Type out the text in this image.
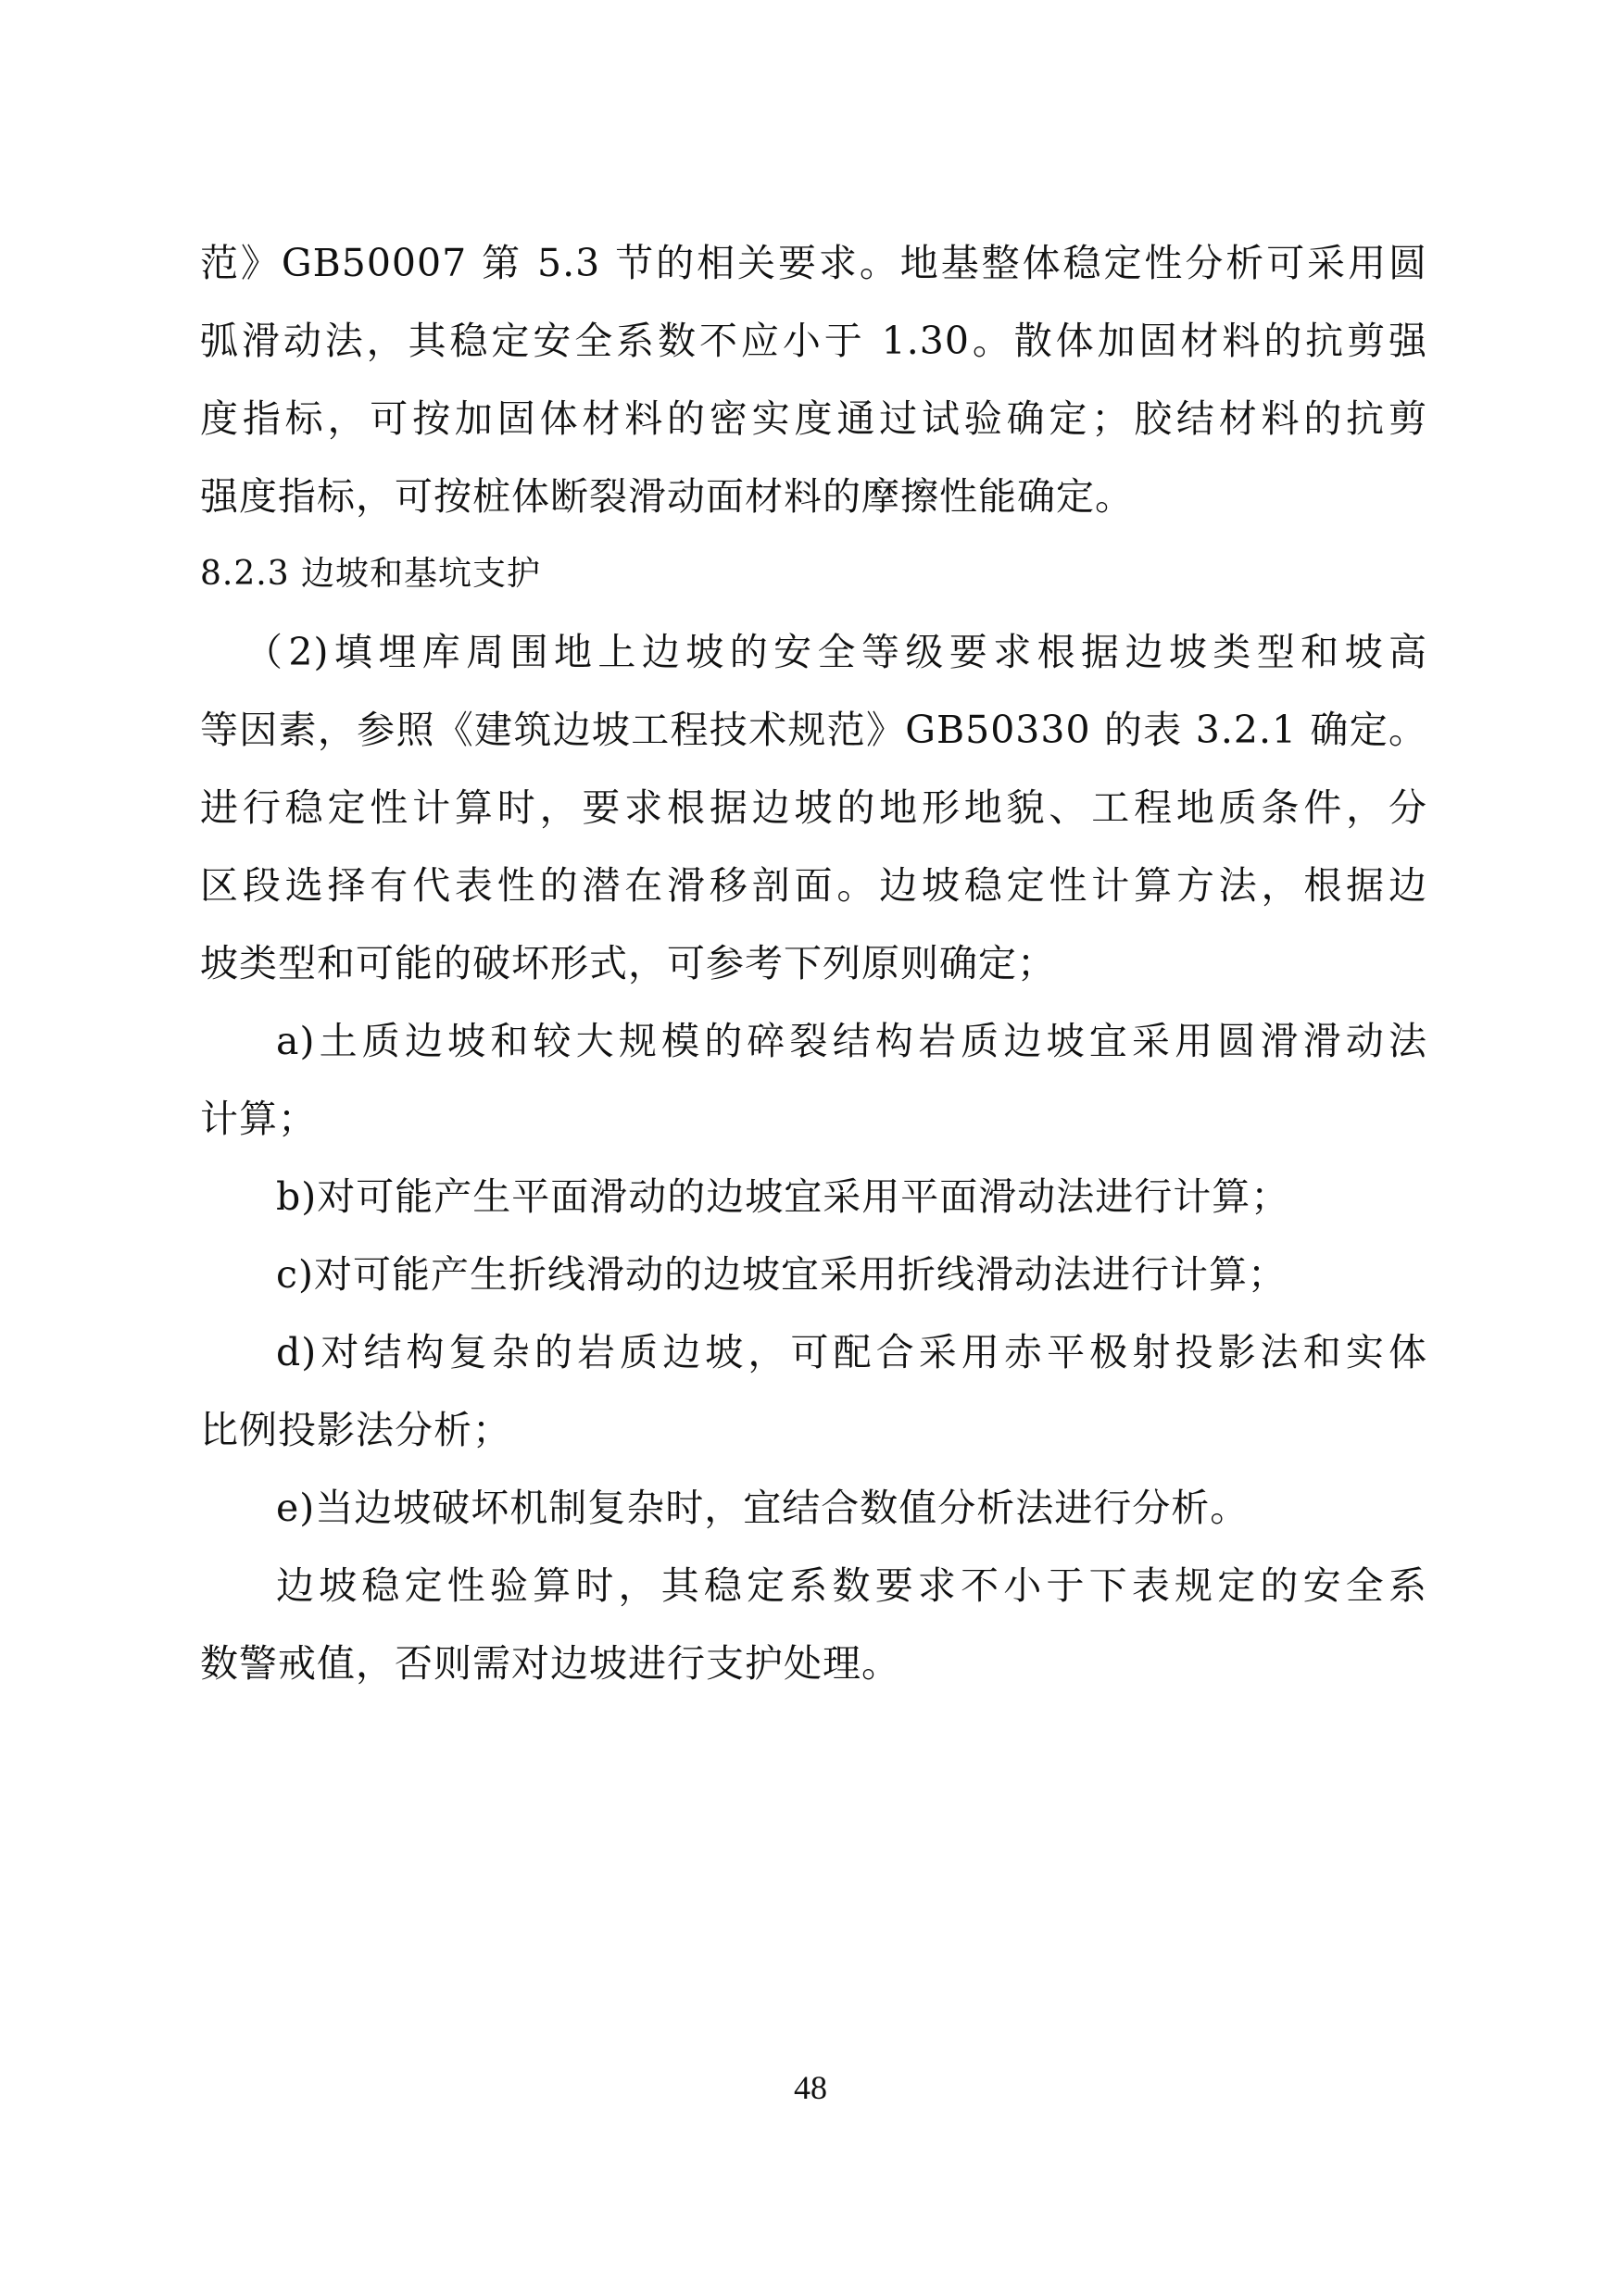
范》GB50007 第 5.3 节的相关要求。地基整体稳定性分析可采用圆
弧滑动法，其稳定安全系数不应小于 1.30。散体加固材料的抗剪强
度指标，可按加固体材料的密实度通过试验确定；胶结材料的抗剪
强度指标，可按桩体断裂滑动面材料的摩擦性能确定。
8.2.3 边坡和基坑支护
（2)填埋库周围地上边坡的安全等级要求根据边坡类型和坡高
等因素，参照《建筑边坡工程技术规范》GB50330 的表 3.2.1 确定。
进行稳定性计算时，要求根据边坡的地形地貌、工程地质条件，分
区段选择有代表性的潜在滑移剖面。边坡稳定性计算方法，根据边
坡类型和可能的破坏形式，可参考下列原则确定；
a)土质边坡和较大规模的碎裂结构岩质边坡宜采用圆滑滑动法
计算；
b)对可能产生平面滑动的边坡宜采用平面滑动法进行计算；
c)对可能产生折线滑动的边坡宜采用折线滑动法进行计算；
d)对结构复杂的岩质边坡，可配合采用赤平极射投影法和实体
比例投影法分析；
e)当边坡破坏机制复杂时，宜结合数值分析法进行分析。
边坡稳定性验算时，其稳定系数要求不小于下表规定的安全系
数警戒值，否则需对边坡进行支护处理。
48
